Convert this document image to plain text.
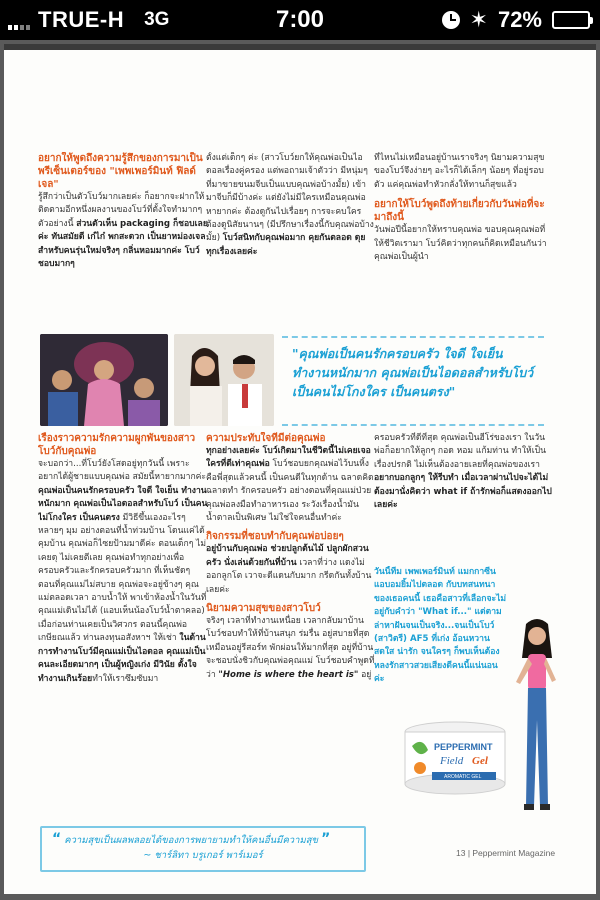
TRUE-H 3G	7:00	✶ 72%
อยากให้พูดถึงความรู้สึกของการมาเป็นพรีเซ็นเตอร์ของ "เพพเพอร์มินท์ ฟิลด์ เจล"

รู้สึกว่าเป็นตัวโบว์มากเลยค่ะ ก็อยากจะฝากให้ติดตามอีกหนึ่งผลงานของโบว์ที่ตั้งใจทำมากๆ ตัวอย่างนี้ ส่วนตัวเห็น packaging ก็ชอบเลยค่ะ ทันสมัยดี เก๋ไก๋ พกสะดวก เป็นยาหม่องเจลสำหรับคนรุ่นใหม่จริงๆ กลิ่นหอมมากค่ะ โบว์ชอบมากๆ

ตั้งแต่เด็กๆ ค่ะ (สาวโบว์ยกให้คุณพ่อเป็นไอดอลเรื่องคู่ครอง แต่พอถามเจ้าตัวว่า มีหนุ่มๆ ที่มาขายขนมจีบเป็นแบบคุณพ่อบ้างมั้ย) เข้ามาจีบก็มีบ้างค่ะ แต่ยังไม่มีใครเหมือนคุณพ่อ หายากค่ะ ต้องดูกันไปเรื่อยๆ การจะคบใครต้องดูนิสัยนานๆ (มีปรึกษาเรื่องนี้กับคุณพ่อบ้างมั้ย) โบว์สนิทกับคุณพ่อมาก คุยกันตลอด ดุยทุกเรื่องเลยค่ะ

ที่ไหนไม่เหมือนอยู่บ้านเราจริงๆ นิยามความสุขของโบว์จึงง่ายๆ อะไรก็ได้เล็กๆ น้อยๆ ที่อยู่รอบตัว แค่คุณพ่อทำหัวกลั่งให้ทานก็สุขแล้ว

อยากให้โบว์พูดถึงท้ายเกี่ยวกับวันพ่อที่จะมาถึงนี้

วันพ่อปีนี้อยากให้ทราบคุณพ่อ ขอบคุณคุณพ่อที่ให้ชีวิตเรามา โบว์คิดว่าทุกคนก็คิดเหมือนกันว่าคุณพ่อเป็นผู้นำ

"คุณพ่อเป็นคนรักครอบครัว ใจดี ใจเย็น ทำงานหนักมาก คุณพ่อเป็นไอดอลสำหรับโบว์ เป็นคนไม่โกงใคร เป็นคนตรง"
เรื่องราวความรักความผูกพันของสาวโบว์กับคุณพ่อ

จะบอกว่า...ที่โบว์ยังโสดอยู่ทุกวันนี้ เพราะอยากได้ผู้ชายแบบคุณพ่อ สมัยนี้หายากมากค่ะ คุณพ่อเป็นคนรักครอบครัว ใจดี ใจเย็น ทำงานหนักมาก คุณพ่อเป็นไอดอลสำหรับโบว์ เป็นคนไม่โกงใคร เป็นคนตรง มีวิธีขึ้นเองอะไรๆ หลายๆ มุม อย่างตอนที่น้ำท่วมบ้าน โดนแค่ได้คุมบ้าน คุณพ่อก็ไซยป้ามมาดีค่ะ ตอนเด็กๆ ไม่เคยดุ ไม่เคยตีเลย คุณพ่อทำทุกอย่างเพื่อครอบครัวและรักครอบครัวมาก ที่เห็นชัดๆ ตอนที่คุณแม่ไม่สบาย คุณพ่อจะอยู่ข้างๆ คุณแม่ตลอดเวลา อาบน้ำให้ พาเข้าห้องน้ำในวันที่คุณแม่เดินไม่ได้ (แอบเห็นน้องโบว์น้ำตาคลอ) เมื่อก่อนท่านเคยเป็นวิศวกร ตอนนี้คุณพ่อเกษียณแล้ว ท่านลงทุนอสังหาฯ ให้เช่า ในด้านการทำงานโบว์มีคุณแม่เป็นไอดอล คุณแม่เป็นคนละเอียดมากๆ เป็นผู้หญิงเก่ง มีวินัย ตั้งใจทำงานเกินร้อยทำให้เราซึมซับมา

ความประทับใจที่มีต่อคุณพ่อ

ทุกอย่างเลยค่ะ โบว์เกิดมาในชีวิตนี้ไม่เคยเจอใครที่ดีเท่าคุณพ่อ โบว์ชอบยกคุณพ่อไว้บนหิ้งคือพี่สุดแล้วคนนี้ เป็นคนดีในทุกด้าน ฉลาดคิด ฉลาดทำ รักครอบครัว อย่างตอนที่คุณแม่ป่วยคุณพ่อลงมือทำอาหารเอง ระวังเรื่องน้ำมัน น้ำตาลเป็นพิเศษ ไม่ใช่ใจคนอื่นทำค่ะ

กิจกรรมที่ชอบทำกับคุณพ่อบ่อยๆ

อยู่บ้านกับคุณพ่อ ช่วยปลูกต้นไม้ ปลูกผักสวนครัว นั่งเล่นด้วยกันที่บ้าน เวลาที่ว่าง แดงไม่ออกลูกโต เวาจะดีแดนกับมาก กรีดกันทั้งบ้านเลยค่ะ

นิยามความสุขของสาวโบว์

จริงๆ เวลาที่ทำงานเหนื่อย เวลากลับมาบ้านโบว์ชอบทำให้ที่บ้านสนุก ร่มรื่น อยู่สบายที่สุด เหมือนอยู่รีสอร์ท พักผ่อนให้มากที่สุด อยู่ที่บ้านจะชอบนั่งชิวกับคุณพ่อคุณแม่ โบว์ชอบคำพูดที่ว่า "Home is where the heart is" อยู่

ครอบครัวที่ดีที่สุด คุณพ่อเป็นฮีโร่ของเรา ในวันพ่อก็อยากให้ลูกๆ กอด หอม แก้มท่าน ทำให้เป็นเรื่องปรกติ ไม่เห็นต้องอายเลยที่คุณพ่อของเรา อยากบอกลูกๆ ให้รีบทำ เมื่อเวลาผ่านไปจะได้ไม่ต้องมานั่งคิดว่า what if ถ้ารักพ่อก็แสดงออกไปเลยค่ะ

วันนี้ทีม เพพเพอร์มินท์ แมกกาซีน แอบอมยิ้มไปตลอด กับบทสนทนาของเธอคนนี้ เธอคือสาวที่เลือกจะไม่อยู่กับคำว่า "What if..." แต่ตามล่าหาฝันจนเป็นจริง...จนเป็นโบว์ (สาวิตรี) AF5 ที่เก่ง อ้อนหวาน สดใส น่ารัก จนใครๆ ก็พบเห็นต้องหลงรักสาวสวยเสียงดีคนนี้แน่นอนค่ะ

PEPPERMINT
Field Gel
AROMATIC GEL
“ ความสุขเป็นผลพลอยได้ของการพยายามทำให้คนอื่นมีความสุข ”
~ ชาร์ลิทา บรูเกอร์ พาร์เมอร์	13 | Peppermint Magazine
